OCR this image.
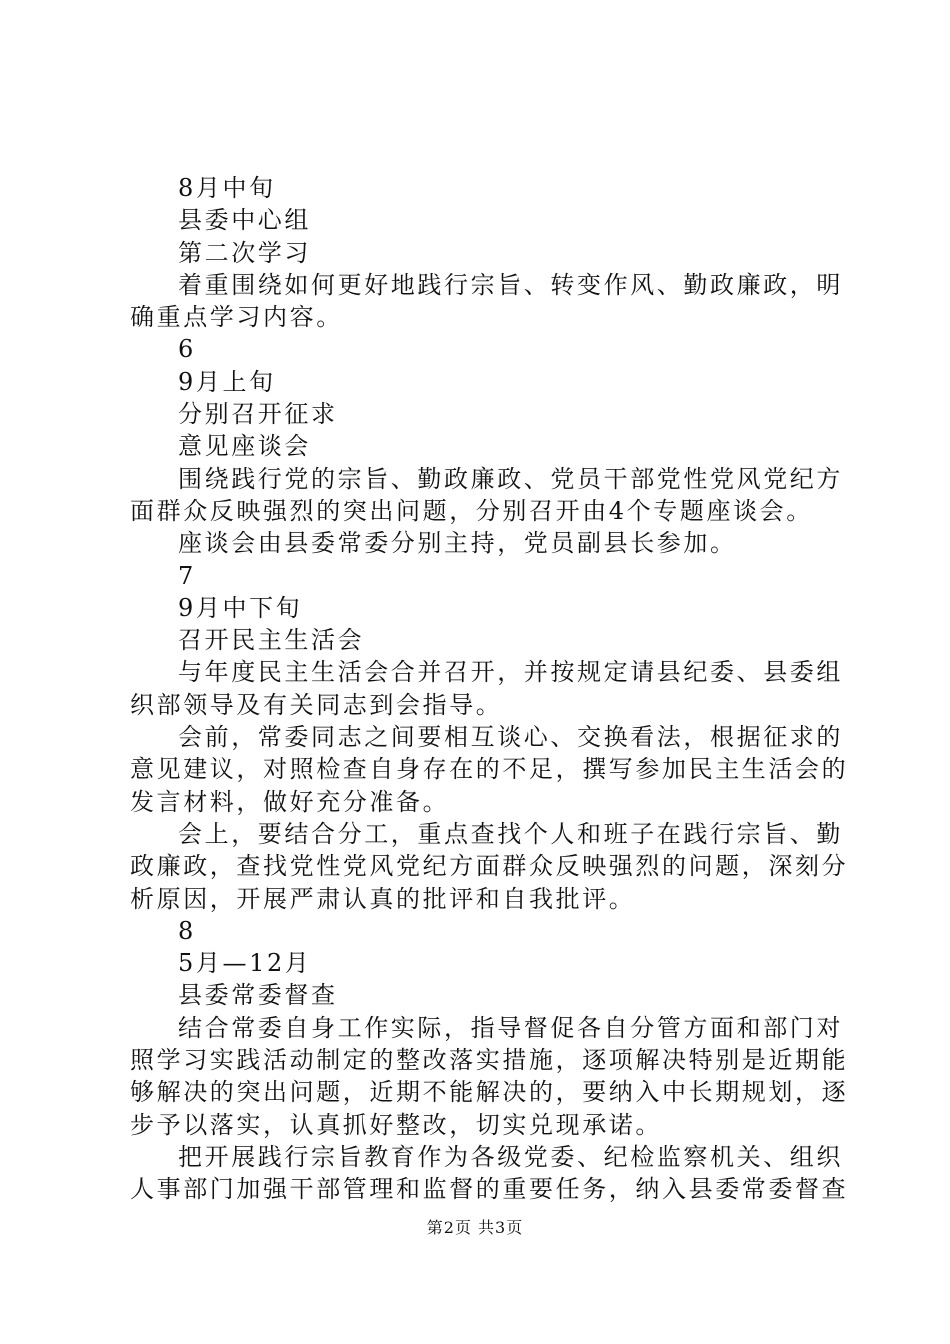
8月中旬
县委中心组
第二次学习
着重围绕如何更好地践行宗旨、转变作风、勤政廉政，明
确重点学习内容。
6
9月上旬
分别召开征求
意见座谈会
围绕践行党的宗旨、勤政廉政、党员干部党性党风党纪方
面群众反映强烈的突出问题，分别召开由4个专题座谈会。
座谈会由县委常委分别主持，党员副县长参加。
7
9月中下旬
召开民主生活会
与年度民主生活会合并召开，并按规定请县纪委、县委组
织部领导及有关同志到会指导。
会前，常委同志之间要相互谈心、交换看法，根据征求的
意见建议，对照检查自身存在的不足，撰写参加民主生活会的
发言材料，做好充分准备。
会上，要结合分工，重点查找个人和班子在践行宗旨、勤
政廉政，查找党性党风党纪方面群众反映强烈的问题，深刻分
析原因，开展严肃认真的批评和自我批评。
8
5月—12月
县委常委督查
结合常委自身工作实际，指导督促各自分管方面和部门对
照学习实践活动制定的整改落实措施，逐项解决特别是近期能
够解决的突出问题，近期不能解决的，要纳入中长期规划，逐
步予以落实，认真抓好整改，切实兑现承诺。
把开展践行宗旨教育作为各级党委、纪检监察机关、组织
人事部门加强干部管理和监督的重要任务，纳入县委常委督查
第2页 共3页
